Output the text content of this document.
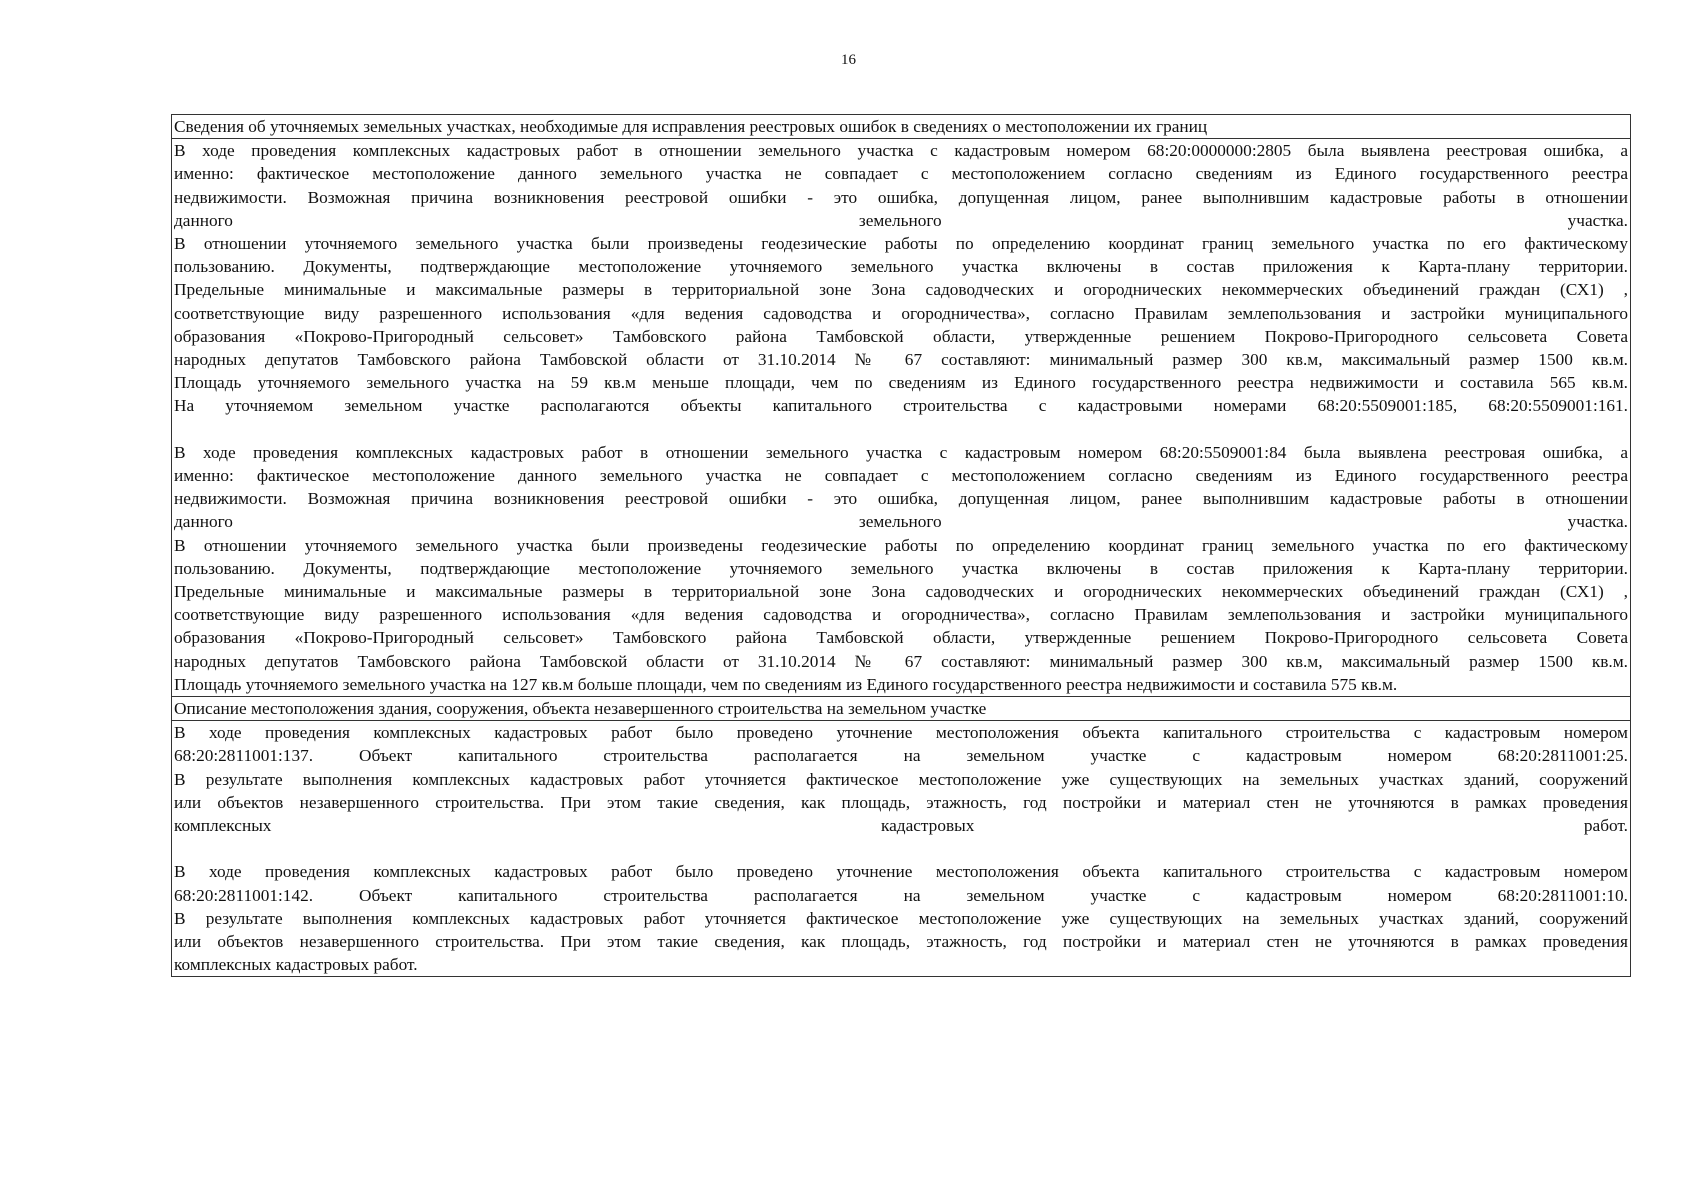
16
Сведения об уточняемых земельных участках, необходимые для исправления реестровых ошибок в сведениях о местоположении их границ

В ходе проведения комплексных кадастровых работ в отношении земельного участка с кадастровым номером 68:20:0000000:2805 была выявлена реестровая ошибка, а
именно: фактическое местоположение данного земельного участка не совпадает с местоположением согласно сведениям из Единого государственного реестра
недвижимости. Возможная причина возникновения реестровой ошибки - это ошибка, допущенная лицом, ранее выполнившим кадастровые работы в отношении
данного земельного участка.
В отношении уточняемого земельного участка были произведены геодезические работы по определению координат границ земельного участка по его фактическому
пользованию. Документы, подтверждающие местоположение уточняемого земельного участка включены в состав приложения к Карта-плану территории.
Предельные минимальные и максимальные размеры в территориальной зоне Зона садоводческих и огороднических некоммерческих объединений граждан (СХ1) ,
соответствующие виду разрешенного использования «для ведения садоводства и огородничества», согласно Правилам землепользования и застройки муниципального
образования «Покрово-Пригородный сельсовет» Тамбовского района Тамбовской области, утвержденные решением Покрово-Пригородного сельсовета Совета
народных депутатов Тамбовского района Тамбовской области от 31.10.2014 № 67 составляют: минимальный размер 300 кв.м, максимальный размер 1500 кв.м.
Площадь уточняемого земельного участка на 59 кв.м меньше площади, чем по сведениям из Единого государственного реестра недвижимости и составила 565 кв.м.
На уточняемом земельном участке располагаются объекты капитального строительства с кадастровыми номерами 68:20:5509001:185, 68:20:5509001:161.
В ходе проведения комплексных кадастровых работ в отношении земельного участка с кадастровым номером 68:20:5509001:84 была выявлена реестровая ошибка, а
именно: фактическое местоположение данного земельного участка не совпадает с местоположением согласно сведениям из Единого государственного реестра
недвижимости. Возможная причина возникновения реестровой ошибки - это ошибка, допущенная лицом, ранее выполнившим кадастровые работы в отношении
данного земельного участка.
В отношении уточняемого земельного участка были произведены геодезические работы по определению координат границ земельного участка по его фактическому
пользованию. Документы, подтверждающие местоположение уточняемого земельного участка включены в состав приложения к Карта-плану территории.
Предельные минимальные и максимальные размеры в территориальной зоне Зона садоводческих и огороднических некоммерческих объединений граждан (СХ1) ,
соответствующие виду разрешенного использования «для ведения садоводства и огородничества», согласно Правилам землепользования и застройки муниципального
образования «Покрово-Пригородный сельсовет» Тамбовского района Тамбовской области, утвержденные решением Покрово-Пригородного сельсовета Совета
народных депутатов Тамбовского района Тамбовской области от 31.10.2014 № 67 составляют: минимальный размер 300 кв.м, максимальный размер 1500 кв.м.
Площадь уточняемого земельного участка на 127 кв.м больше площади, чем по сведениям из Единого государственного реестра недвижимости и составила 575 кв.м.

Описание местоположения здания, сооружения, объекта незавершенного строительства на земельном участке

В ходе проведения комплексных кадастровых работ было проведено уточнение местоположения объекта капитального строительства с кадастровым номером
68:20:2811001:137. Объект капитального строительства располагается на земельном участке с кадастровым номером 68:20:2811001:25.
В результате выполнения комплексных кадастровых работ уточняется фактическое местоположение уже существующих на земельных участках зданий, сооружений
или объектов незавершенного строительства. При этом такие сведения, как площадь, этажность, год постройки и материал стен не уточняются в рамках проведения
комплексных кадастровых работ.
В ходе проведения комплексных кадастровых работ было проведено уточнение местоположения объекта капитального строительства с кадастровым номером
68:20:2811001:142. Объект капитального строительства располагается на земельном участке с кадастровым номером 68:20:2811001:10.
В результате выполнения комплексных кадастровых работ уточняется фактическое местоположение уже существующих на земельных участках зданий, сооружений
или объектов незавершенного строительства. При этом такие сведения, как площадь, этажность, год постройки и материал стен не уточняются в рамках проведения
комплексных кадастровых работ.
